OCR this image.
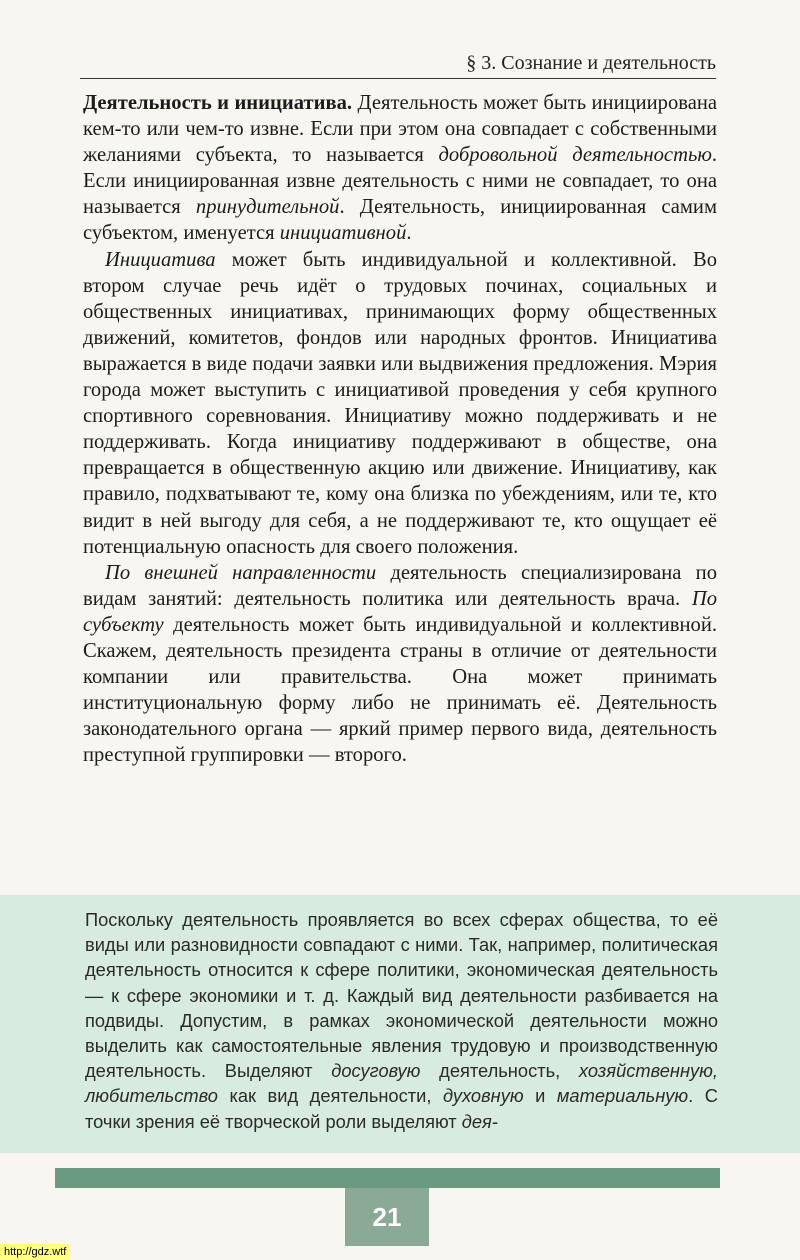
§ 3. Сознание и деятельность

Деятельность и инициатива. Деятельность может быть инициирована кем-то или чем-то извне. Если при этом она совпадает с собственными желаниями субъекта, то называется добровольной деятельностью. Если инициированная извне деятельность с ними не совпадает, то она называется принудительной. Деятельность, инициированная самим субъектом, именуется инициативной.

Инициатива может быть индивидуальной и коллективной. Во втором случае речь идёт о трудовых починах, социальных и общественных инициативах, принимающих форму общественных движений, комитетов, фондов или народных фронтов. Инициатива выражается в виде подачи заявки или выдвижения предложения. Мэрия города может выступить с инициативой проведения у себя крупного спортивного соревнования. Инициативу можно поддерживать и не поддерживать. Когда инициативу поддерживают в обществе, она превращается в общественную акцию или движение. Инициативу, как правило, подхватывают те, кому она близка по убеждениям, или те, кто видит в ней выгоду для себя, а не поддерживают те, кто ощущает её потенциальную опасность для своего положения.

По внешней направленности деятельность специализирована по видам занятий: деятельность политика или деятельность врача. По субъекту деятельность может быть индивидуальной и коллективной. Скажем, деятельность президента страны в отличие от деятельности компании или правительства. Она может принимать институциональную форму либо не принимать её. Деятельность законодательного органа — яркий пример первого вида, деятельность преступной группировки — второго.

Поскольку деятельность проявляется во всех сферах общества, то её виды или разновидности совпадают с ними. Так, например, политическая деятельность относится к сфере политики, экономическая деятельность — к сфере экономики и т. д. Каждый вид деятельности разбивается на подвиды. Допустим, в рамках экономической деятельности можно выделить как самостоятельные явления трудовую и производственную деятельность. Выделяют досуговую деятельность, хозяйственную, любительство как вид деятельности, духовную и материальную. С точки зрения её творческой роли выделяют дея-

21
http://gdz.wtf
